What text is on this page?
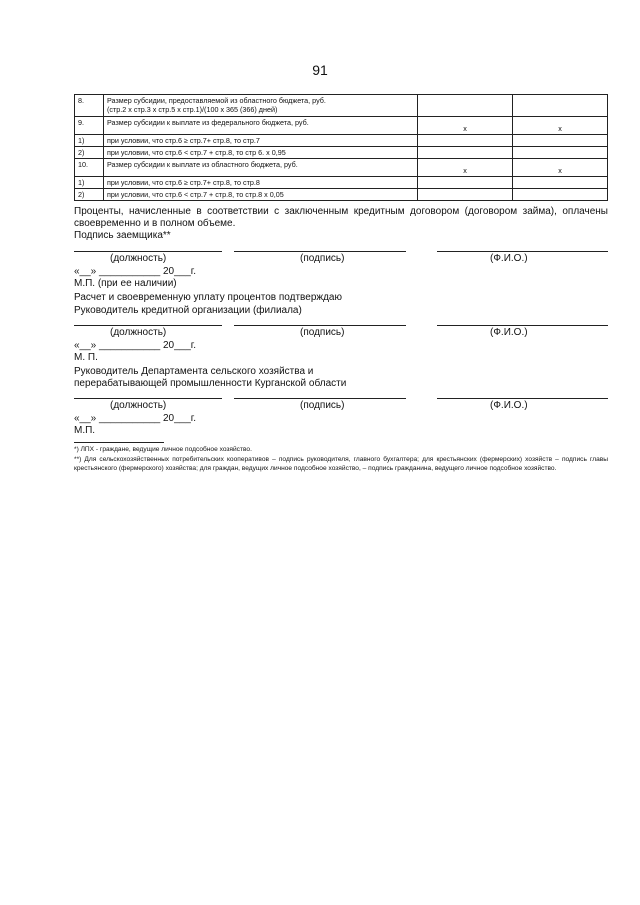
91
8.	Размер субсидии, предоставляемой из областного бюджета, руб.
(стр.2 х стр.3 х стр.5 х стр.1)/(100 х 365 (366) дней)		
9.	Размер субсидии к выплате из федерального бюджета, руб.	х	х
1)	при условии, что стр.6 ≥ стр.7+ стр.8, то стр.7		
2)	при условии, что стр.6 < стр.7 + стр.8, то стр 6. х 0,95		
10.	Размер субсидии к выплате из областного бюджета, руб.	х	х
1)	при условии, что стр.6 ≥ стр.7+ стр.8, то стр.8		
2)	при условии, что стр.6 < стр.7 + стр.8, то стр.8 х 0,05		
Проценты, начисленные в соответствии с заключенным кредитным договором (договором займа), оплачены своевременно и в полном объеме.
Подпись заемщика**
(должность)	(подпись)	(Ф.И.О.)
«__» ___________ 20___г.
М.П. (при ее наличии)
Расчет и своевременную уплату процентов подтверждаю
Руководитель кредитной организации (филиала)
(должность)	(подпись)	(Ф.И.О.)
«__» ___________ 20___г.
М. П.
Руководитель Департамента сельского хозяйства и
перерабатывающей промышленности Курганской области
(должность)	(подпись)	(Ф.И.О.)
«__» ___________ 20___г.
М.П.
*) ЛПХ - граждане, ведущие личное подсобное хозяйство.
**) Для сельскохозяйственных потребительских кооперативов – подпись руководителя, главного бухгалтера; для крестьянских (фермерских) хозяйств – подпись главы крестьянского (фермерского) хозяйства; для граждан, ведущих личное подсобное хозяйство, – подпись гражданина, ведущего личное подсобное хозяйство.
